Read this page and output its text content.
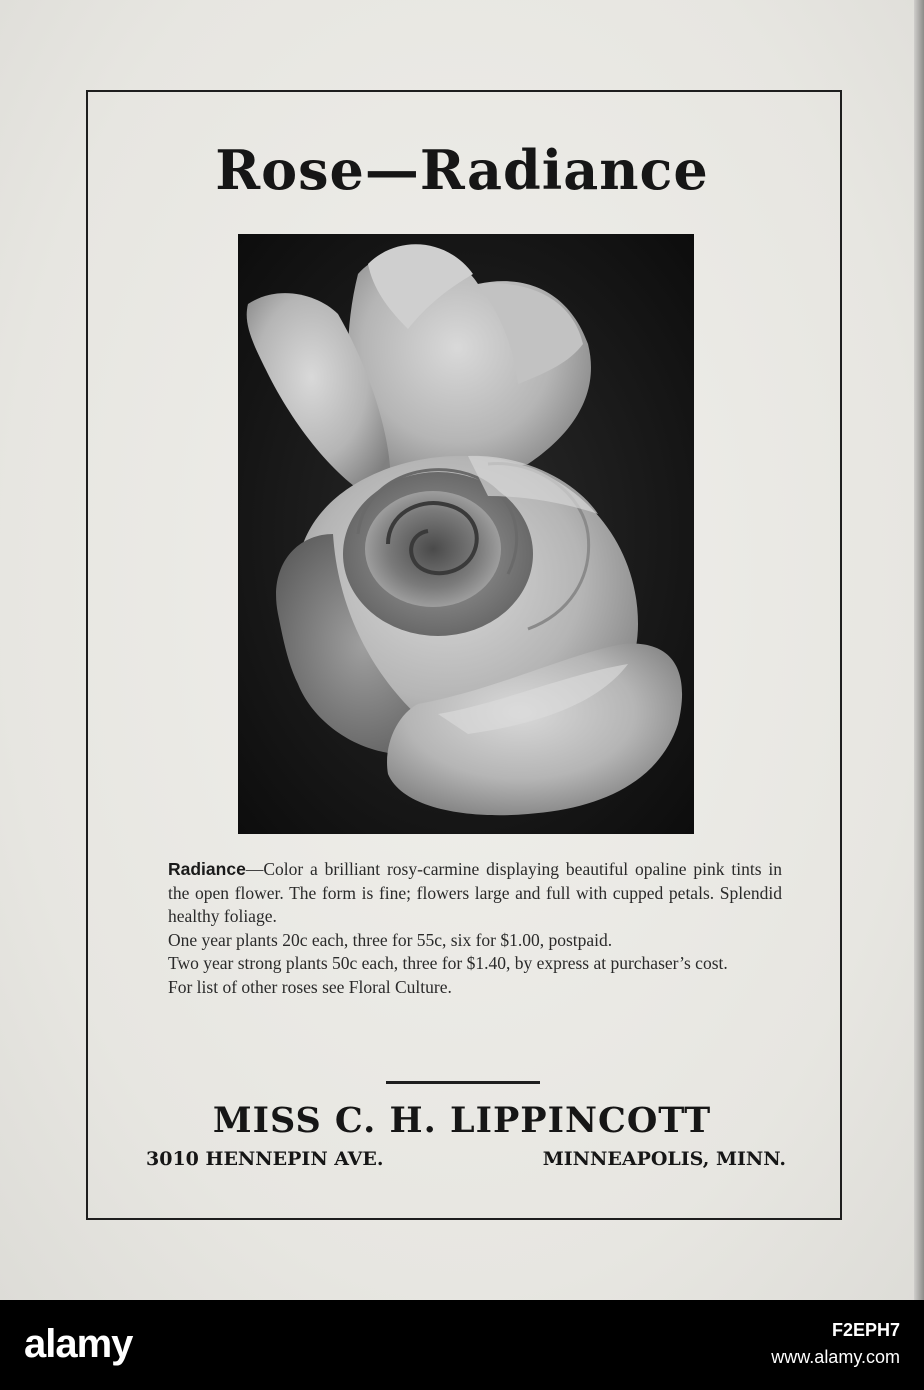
Rose—Radiance

Radiance—Color a brilliant rosy-carmine displaying beautiful opaline pink tints in the open flower. The form is fine; flowers large and full with cupped petals. Splendid healthy foliage.

One year plants 20c each, three for 55c, six for $1.00, postpaid.

Two year strong plants 50c each, three for $1.40, by express at purchaser’s cost.

For list of other roses see Floral Culture.

MISS C. H. LIPPINCOTT
3010 HENNEPIN AVE.	MINNEAPOLIS, MINN.
alamy	F2EPH7
www.alamy.com
